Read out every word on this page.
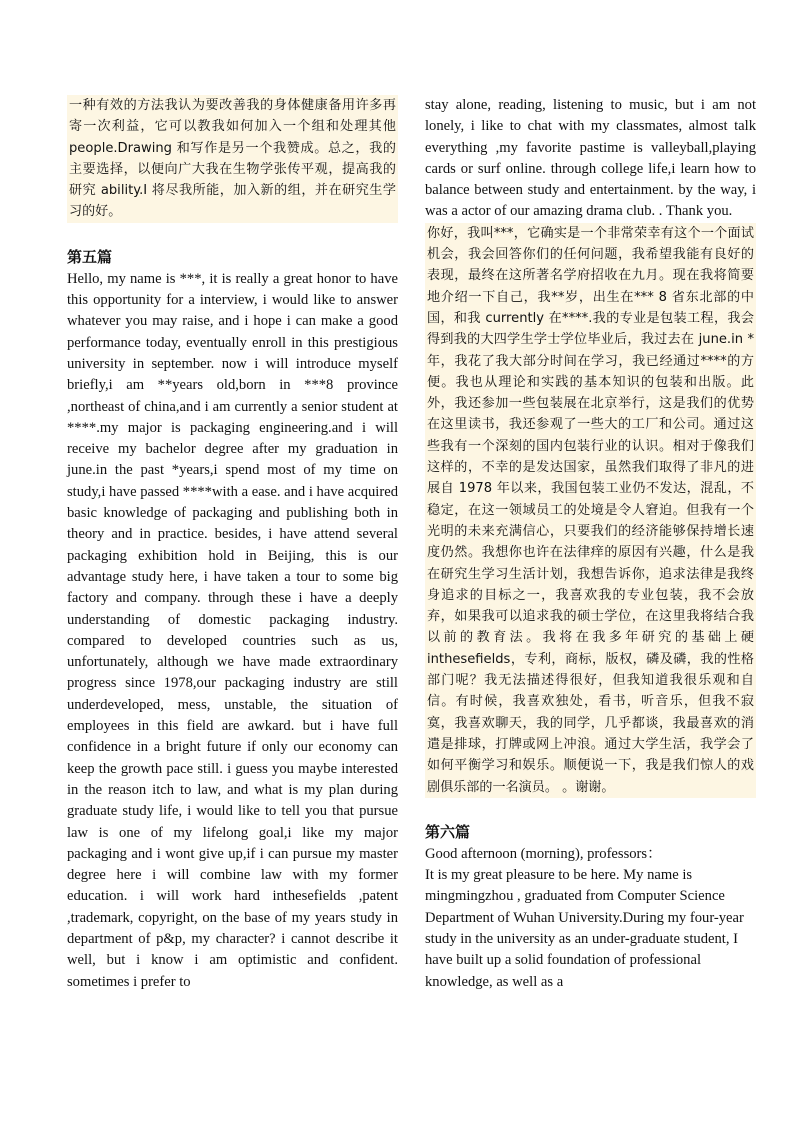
一种有效的方法我认为要改善我的身体健康备用许多再寄一次利益，它可以教我如何加入一个组和处理其他 people.Drawing 和写作是另一个我赞成。总之，我的主要选择，以便向广大我在生物学张传平观，提高我的研究 ability.I 将尽我所能，加入新的组，并在研究生学习的好。

第五篇

Hello, my name is ***, it is really a great honor to have this opportunity for a interview, i would like to answer whatever you may raise, and i hope i can make a good performance today, eventually enroll in this prestigious university in september. now i will introduce myself briefly,i am **years old,born in ***8 province ,northeast of china,and i am currently a senior student at ****.my major is packaging engineering.and i will receive my bachelor degree after my graduation in june.in the past *years,i spend most of my time on study,i have passed ****with a ease. and i have acquired basic knowledge of packaging and publishing both in theory and in practice. besides, i have attend several packaging exhibition hold in Beijing, this is our advantage study here, i have taken a tour to some big factory and company. through these i have a deeply understanding of domestic packaging industry. compared to developed countries such as us, unfortunately, although we have made extraordinary progress since 1978,our packaging industry are still underdeveloped, mess, unstable, the situation of employees in this field are awkard. but i have full confidence in a bright future if only our economy can keep the growth pace still. i guess you maybe interested in the reason itch to law, and what is my plan during graduate study life, i would like to tell you that pursue law is one of my lifelong goal,i like my major packaging and i wont give up,if i can pursue my master degree here i will combine law with my former education. i will work hard inthesefields ,patent ,trademark, copyright, on the base of my years study in department of p&p, my character? i cannot describe it well, but i know i am optimistic and confident. sometimes i prefer to

stay alone, reading, listening to music, but i am not lonely, i like to chat with my classmates, almost talk everything ,my favorite pastime is valleyball,playing cards or surf online. through college life,i learn how to balance between study and entertainment. by the way, i was a actor of our amazing drama club. . Thank you.

你好，我叫***，它确实是一个非常荣幸有这个一个面试机会，我会回答你们的任何问题，我希望我能有良好的表现，最终在这所著名学府招收在九月。现在我将简要地介绍一下自己，我**岁，出生在*** 8 省东北部的中国，和我 currently 在****.我的专业是包装工程，我会得到我的大四学生学士学位毕业后，我过去在 june.in *年，我花了我大部分时间在学习，我已经通过****的方便。我也从理论和实践的基本知识的包装和出版。此外，我还参加一些包装展在北京举行，这是我们的优势在这里读书，我还参观了一些大的工厂和公司。通过这些我有一个深刻的国内包装行业的认识。相对于像我们这样的，不幸的是发达国家，虽然我们取得了非凡的进展自 1978 年以来，我国包装工业仍不发达，混乱，不稳定，在这一领域员工的处境是令人窘迫。但我有一个光明的未来充满信心，只要我们的经济能够保持增长速度仍然。我想你也许在法律痒的原因有兴趣，什么是我在研究生学习生活计划，我想告诉你，追求法律是我终身追求的目标之一，我喜欢我的专业包装，我不会放弃，如果我可以追求我的硕士学位，在这里我将结合我以前的教育法。我将在我多年研究的基础上硬 inthesefields，专利，商标，版权，磷及磷，我的性格部门呢？我无法描述得很好，但我知道我很乐观和自信。有时候，我喜欢独处，看书，听音乐，但我不寂寞，我喜欢聊天，我的同学，几乎都谈，我最喜欢的消遣是排球，打牌或网上冲浪。通过大学生活，我学会了如何平衡学习和娱乐。顺便说一下，我是我们惊人的戏剧俱乐部的一名演员。 。谢谢。

第六篇

Good afternoon (morning), professors：

It is my great pleasure to be here. My name is mingmingzhou , graduated from Computer Science Department of Wuhan University.During my four-year study in the university as an under-graduate student, I have built up a solid foundation of professional knowledge, as well as a
